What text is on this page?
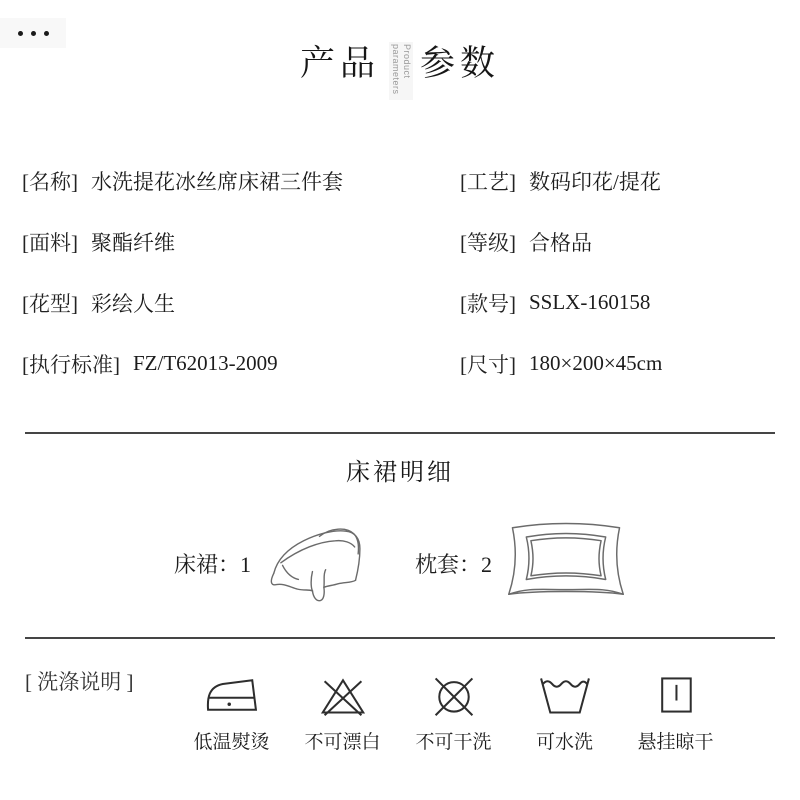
产品	Product parameters 参数
[名称] 水洗提花冰丝席床裙三件套
[面料] 聚酯纤维
[花型] 彩绘人生
[执行标准] FZ/T62013-2009
[工艺] 数码印花/提花
[等级] 合格品
[款号] SSLX-160158
[尺寸] 180×200×45cm
床裙明细
床裙：1	枕套：2
[ 洗涤说明 ]
低温熨烫 不可漂白 不可干洗 可水洗 悬挂晾干
